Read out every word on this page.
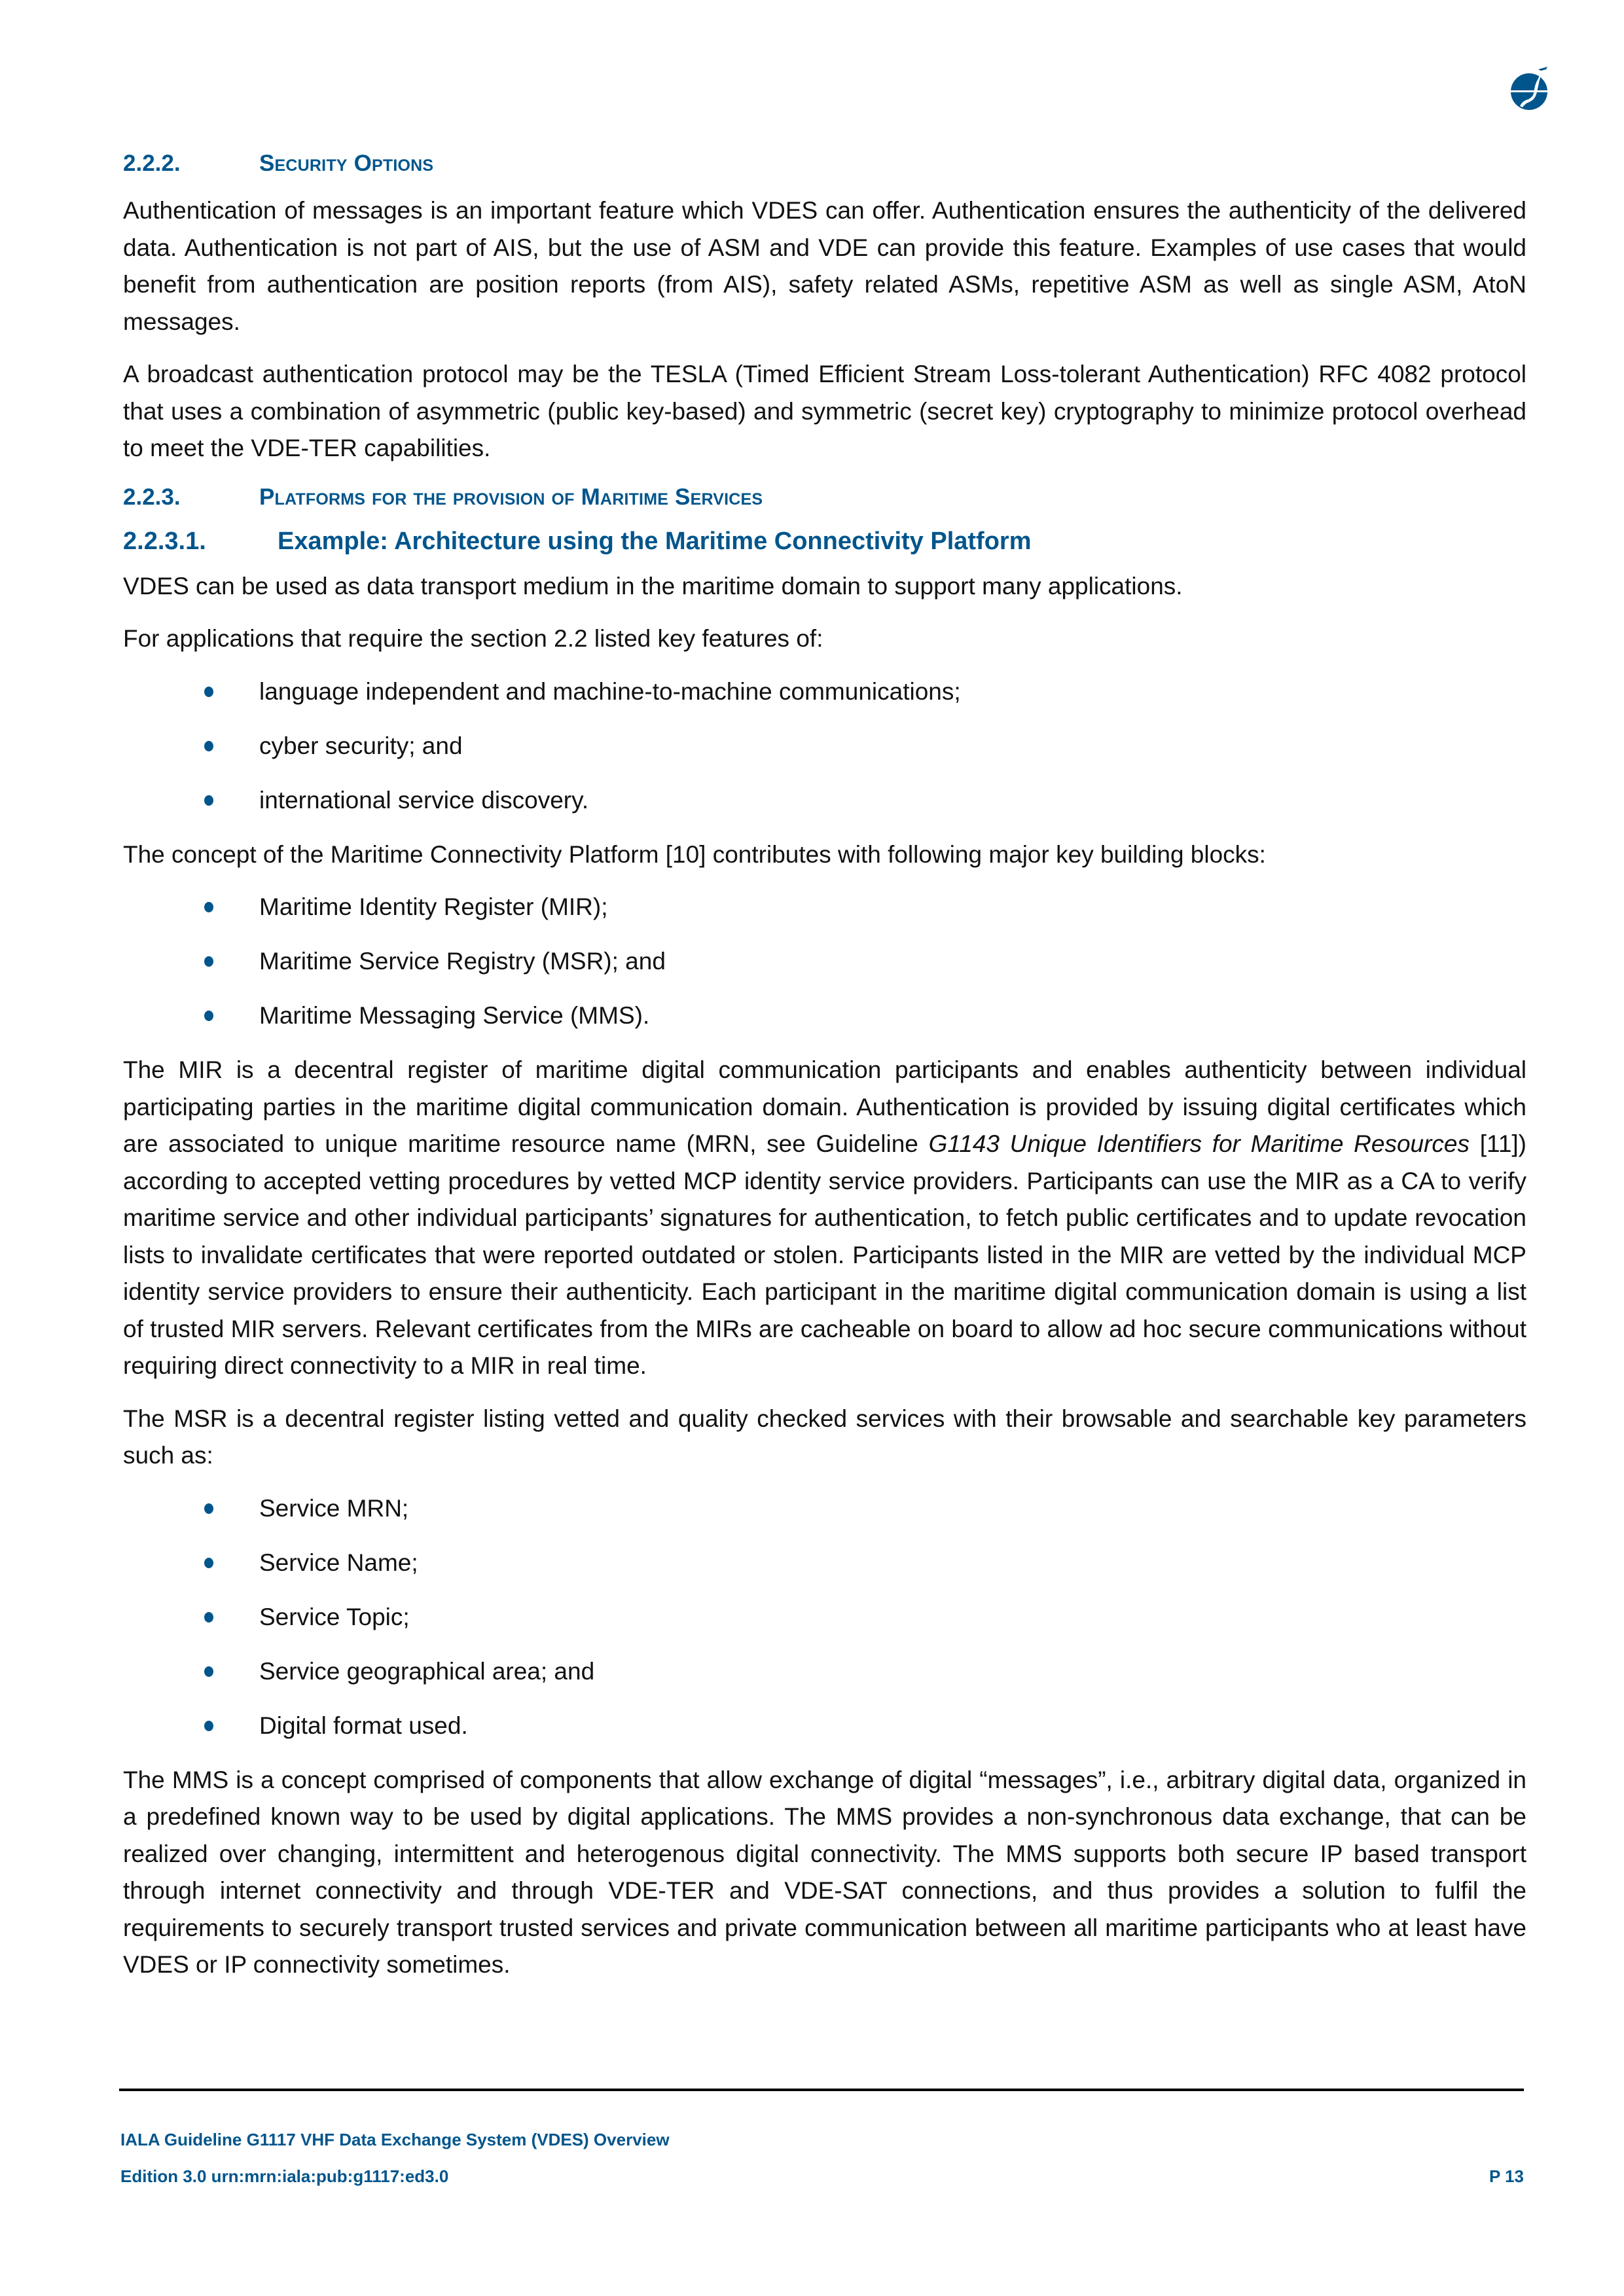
2.2.2.	Security Options

Authentication of messages is an important feature which VDES can offer. Authentication ensures the authenticity of the delivered data. Authentication is not part of AIS, but the use of ASM and VDE can provide this feature. Examples of use cases that would benefit from authentication are position reports (from AIS), safety related ASMs, repetitive ASM as well as single ASM, AtoN messages.

A broadcast authentication protocol may be the TESLA (Timed Efficient Stream Loss-tolerant Authentication) RFC 4082 protocol that uses a combination of asymmetric (public key-based) and symmetric (secret key) cryptography to minimize protocol overhead to meet the VDE-TER capabilities.

2.2.3.	Platforms for the provision of Maritime Services
2.2.3.1.	Example: Architecture using the Maritime Connectivity Platform

VDES can be used as data transport medium in the maritime domain to support many applications.

For applications that require the section 2.2 listed key features of:

language independent and machine-to-machine communications;
cyber security; and
international service discovery.

The concept of the Maritime Connectivity Platform [10] contributes with following major key building blocks:

Maritime Identity Register (MIR);
Maritime Service Registry (MSR); and
Maritime Messaging Service (MMS).

The MIR is a decentral register of maritime digital communication participants and enables authenticity between individual participating parties in the maritime digital communication domain. Authentication is provided by issuing digital certificates which are associated to unique maritime resource name (MRN, see Guideline G1143 Unique Identifiers for Maritime Resources [11]) according to accepted vetting procedures by vetted MCP identity service providers. Participants can use the MIR as a CA to verify maritime service and other individual participants’ signatures for authentication, to fetch public certificates and to update revocation lists to invalidate certificates that were reported outdated or stolen. Participants listed in the MIR are vetted by the individual MCP identity service providers to ensure their authenticity. Each participant in the maritime digital communication domain is using a list of trusted MIR servers. Relevant certificates from the MIRs are cacheable on board to allow ad hoc secure communications without requiring direct connectivity to a MIR in real time.

The MSR is a decentral register listing vetted and quality checked services with their browsable and searchable key parameters such as:

Service MRN;
Service Name;
Service Topic;
Service geographical area; and
Digital format used.

The MMS is a concept comprised of components that allow exchange of digital “messages”, i.e., arbitrary digital data, organized in a predefined known way to be used by digital applications. The MMS provides a non-synchronous data exchange, that can be realized over changing, intermittent and heterogenous digital connectivity. The MMS supports both secure IP based transport through internet connectivity and through VDE-TER and VDE-SAT connections, and thus provides a solution to fulfil the requirements to securely transport trusted services and private communication between all maritime participants who at least have VDES or IP connectivity sometimes.

IALA Guideline G1117 VHF Data Exchange System (VDES) Overview
Edition 3.0 urn:mrn:iala:pub:g1117:ed3.0	P 13
